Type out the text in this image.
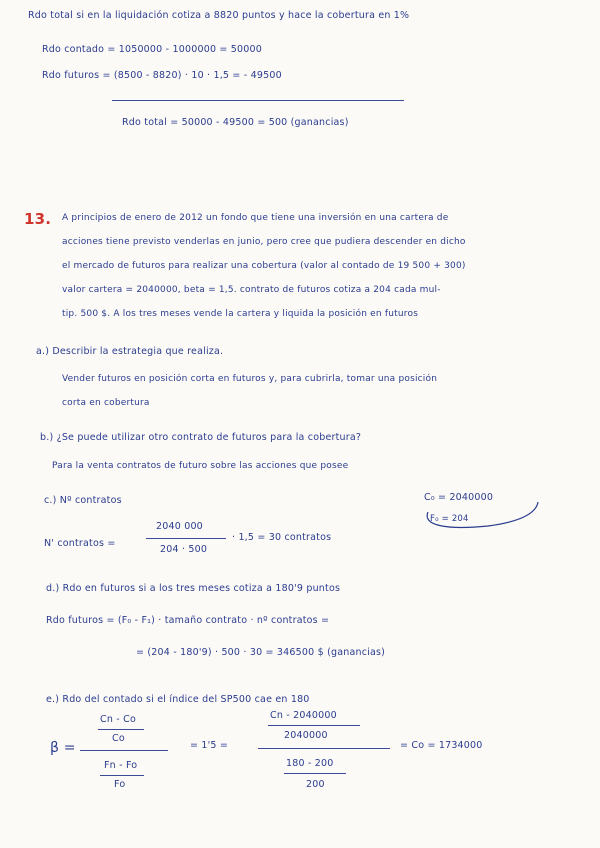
Rdo total si en la liquidación cotiza a 8820 puntos y hace la cobertura en 1%
Rdo contado = 1050000 - 1000000 = 50000
Rdo futuros = (8500 - 8820) · 10 · 1,5 = - 49500
Rdo total = 50000 - 49500 = 500 (ganancias)
13. A principios de enero de 2012 un fondo que tiene una inversión en una cartera de
acciones tiene previsto venderlas en junio, pero cree que pudiera descender en dicho
el mercado de futuros para realizar una cobertura (valor al contado de 19 500 + 300)
valor cartera = 2040000, beta = 1,5. contrato de futuros cotiza a 204 cada mul-
tip. 500 $. A los tres meses vende la cartera y liquida la posición en futuros
a.) Describir la estrategia que realiza.
Vender futuros en posición corta en futuros y, para cubrirla, tomar una posición
corta en cobertura
b.) ¿Se puede utilizar otro contrato de futuros para la cobertura?
Para la venta contratos de futuro sobre las acciones que posee
c.) Nº contratos	C₀ = 2040000
F₀ = 204
N' contratos =
2040 000
204 · 500
· 1,5 = 30 contratos
d.) Rdo en futuros si a los tres meses cotiza a 180'9 puntos
Rdo futuros = (F₀ - F₁) · tamaño contrato · nº contratos =
= (204 - 180'9) · 500 · 30 = 346500 $ (ganancias)
e.) Rdo del contado si el índice del SP500 cae en 180
β =
Cn - Co
Co
Fn - Fo
Fo
= 1'5 =
Cn - 2040000
2040000
180 - 200
200
= Co = 1734000
